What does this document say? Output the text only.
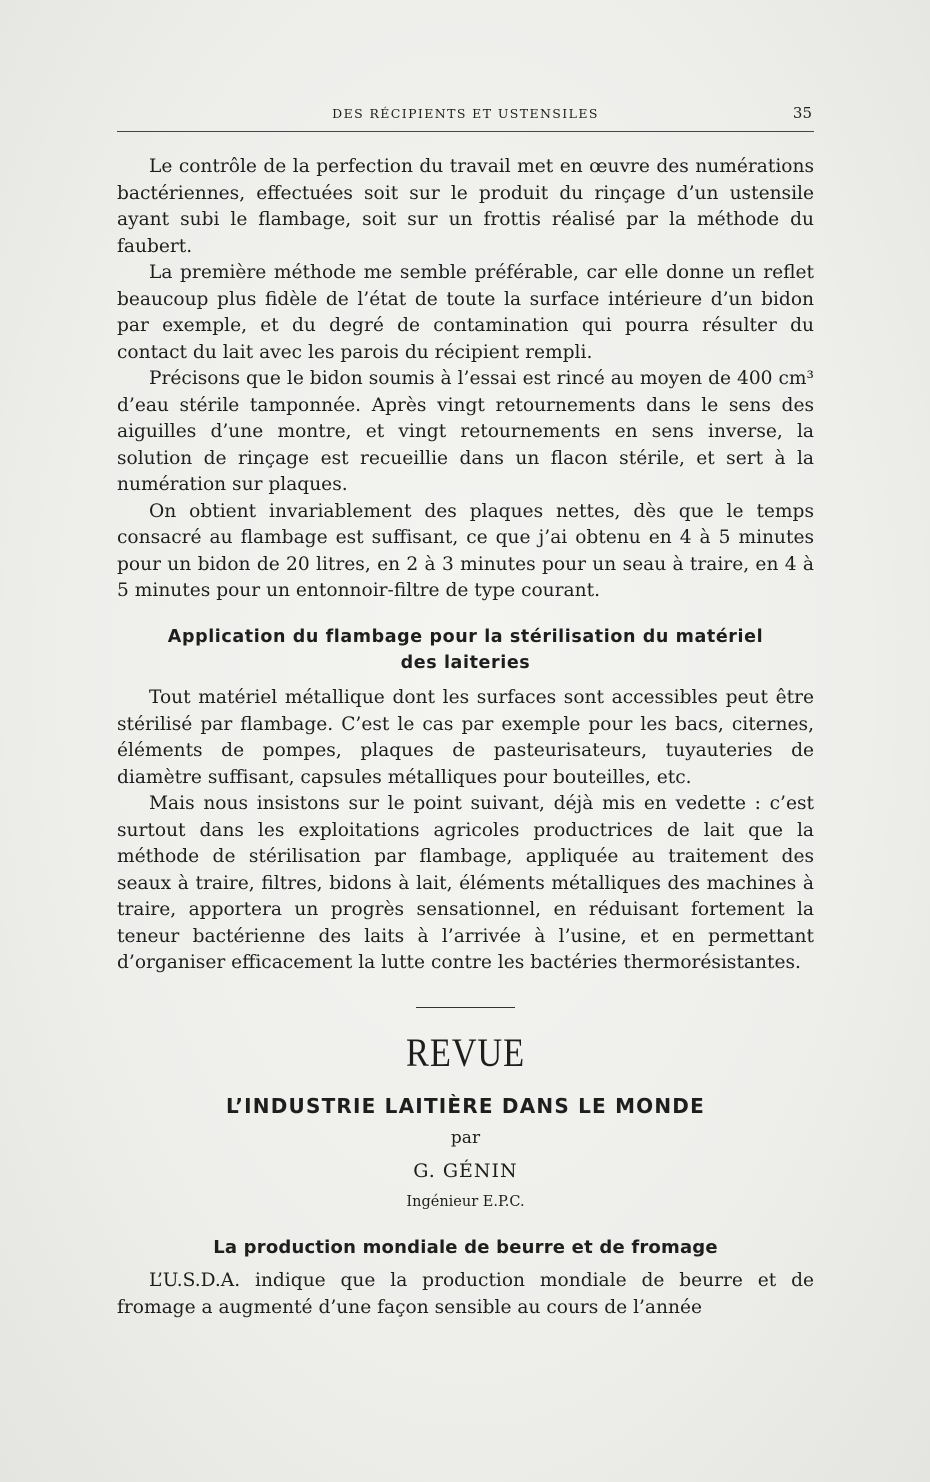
DES RÉCIPIENTS ET USTENSILES	35

Le contrôle de la perfection du travail met en œuvre des numérations bactériennes, effectuées soit sur le produit du rinçage d’un ustensile ayant subi le flambage, soit sur un frottis réalisé par la méthode du faubert.

La première méthode me semble préférable, car elle donne un reflet beaucoup plus fidèle de l’état de toute la surface intérieure d’un bidon par exemple, et du degré de contamination qui pourra résulter du contact du lait avec les parois du récipient rempli.

Précisons que le bidon soumis à l’essai est rincé au moyen de 400 cm³ d’eau stérile tamponnée. Après vingt retournements dans le sens des aiguilles d’une montre, et vingt retournements en sens inverse, la solution de rinçage est recueillie dans un flacon stérile, et sert à la numération sur plaques.

On obtient invariablement des plaques nettes, dès que le temps consacré au flambage est suffisant, ce que j’ai obtenu en 4 à 5 minutes pour un bidon de 20 litres, en 2 à 3 minutes pour un seau à traire, en 4 à 5 minutes pour un entonnoir-filtre de type courant.

Application du flambage pour la stérilisation du matériel
des laiteries

Tout matériel métallique dont les surfaces sont accessibles peut être stérilisé par flambage. C’est le cas par exemple pour les bacs, citernes, éléments de pompes, plaques de pasteurisateurs, tuyauteries de diamètre suffisant, capsules métalliques pour bouteilles, etc.

Mais nous insistons sur le point suivant, déjà mis en vedette : c’est surtout dans les exploitations agricoles productrices de lait que la méthode de stérilisation par flambage, appliquée au traitement des seaux à traire, filtres, bidons à lait, éléments métalliques des machines à traire, apportera un progrès sensationnel, en réduisant fortement la teneur bactérienne des laits à l’arrivée à l’usine, et en permettant d’organiser efficacement la lutte contre les bactéries thermorésistantes.

REVUE
L’INDUSTRIE LAITIÈRE DANS LE MONDE
par
G. GÉNIN
Ingénieur E.P.C.
La production mondiale de beurre et de fromage

L’U.S.D.A. indique que la production mondiale de beurre et de fromage a augmenté d’une façon sensible au cours de l’année
